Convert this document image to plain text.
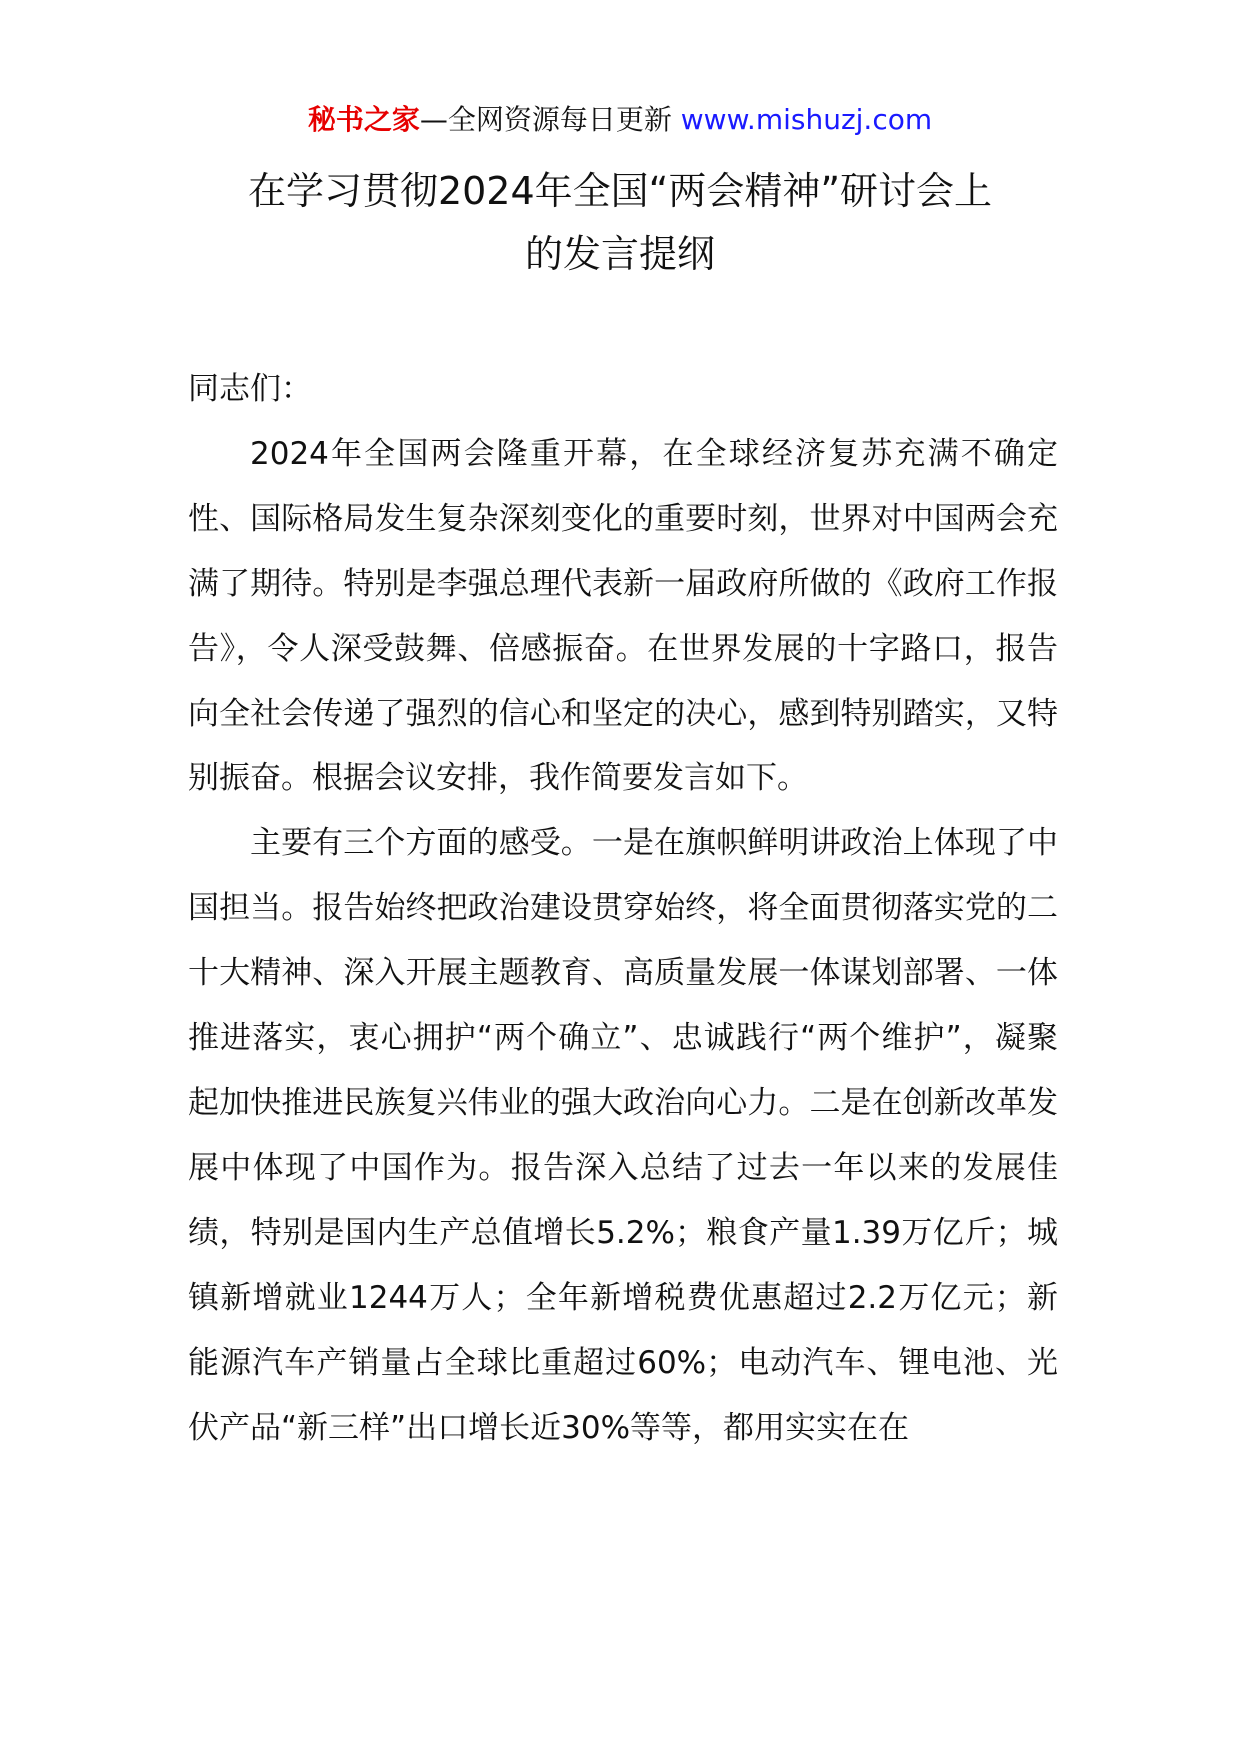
秘书之家—全网资源每日更新 www.mishuzj.com
在学习贯彻2024年全国“两会精神”研讨会上
的发言提纲

同志们：

2024年全国两会隆重开幕，在全球经济复苏充满不确定性、国际格局发生复杂深刻变化的重要时刻，世界对中国两会充满了期待。特别是李强总理代表新一届政府所做的《政府工作报告》，令人深受鼓舞、倍感振奋。在世界发展的十字路口，报告向全社会传递了强烈的信心和坚定的决心，感到特别踏实，又特别振奋。根据会议安排，我作简要发言如下。

主要有三个方面的感受。一是在旗帜鲜明讲政治上体现了中国担当。报告始终把政治建设贯穿始终，将全面贯彻落实党的二十大精神、深入开展主题教育、高质量发展一体谋划部署、一体推进落实，衷心拥护“两个确立”、忠诚践行“两个维护”，凝聚起加快推进民族复兴伟业的强大政治向心力。二是在创新改革发展中体现了中国作为。报告深入总结了过去一年以来的发展佳绩，特别是国内生产总值增长5.2%；粮食产量1.39万亿斤；城镇新增就业1244万人；全年新增税费优惠超过2.2万亿元；新能源汽车产销量占全球比重超过60%；电动汽车、锂电池、光伏产品“新三样”出口增长近30%等等，都用实实在在
